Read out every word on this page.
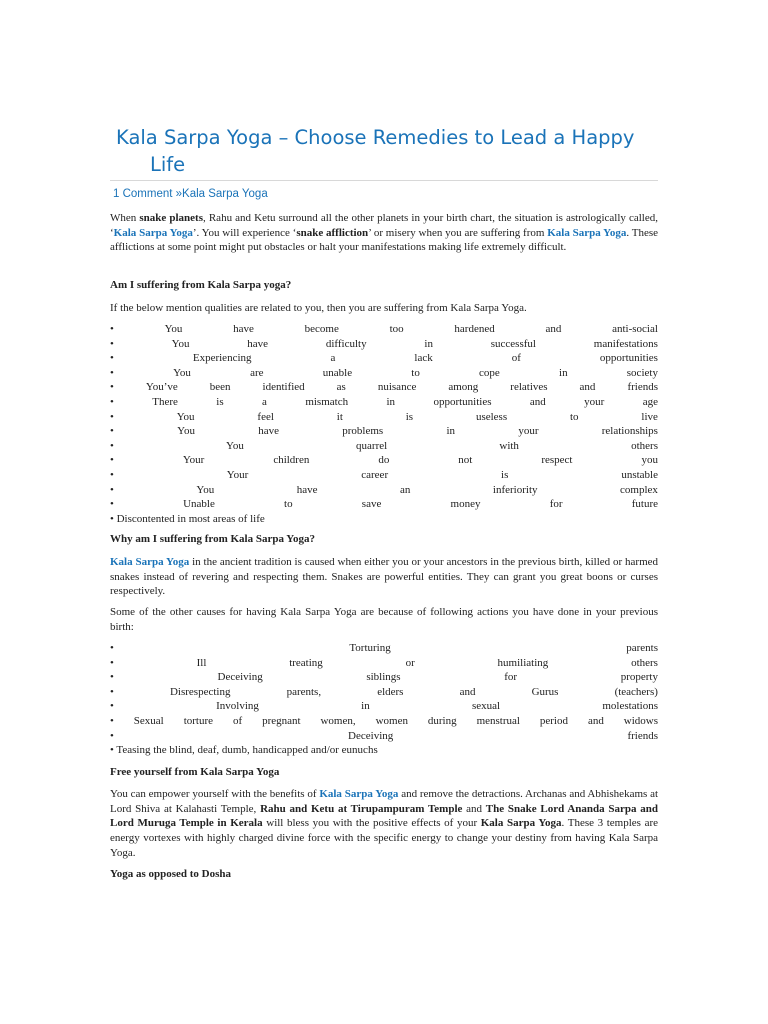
Kala Sarpa Yoga – Choose Remedies to Lead a Happy
Life
1 Comment »Kala Sarpa Yoga

When snake planets, Rahu and Ketu surround all the other planets in your birth chart, the situation is astrologically called, ‘Kala Sarpa Yoga’. You will experience ‘snake affliction’ or misery when you are suffering from Kala Sarpa Yoga. These afflictions at some point might put obstacles or halt your manifestations making life extremely difficult.

Am I suffering from Kala Sarpa yoga?

If the below mention qualities are related to you, then you are suffering from Kala Sarpa Yoga.

•	You	have	become	too	hardened	and	anti-social
•	You	have	difficulty	in	successful	manifestations
•	Experiencing	a	lack	of	opportunities
•	You	are	unable	to	cope	in	society
•	You’ve	been	identified	as	nuisance	among	relatives	and	friends
•	There	is	a	mismatch	in	opportunities	and	your	age
•	You	feel	it	is	useless	to	live
•	You	have	problems	in	your	relationships
•	You	quarrel	with	others
•	Your	children	do	not	respect	you
•	Your	career	is	unstable
•	You	have	an	inferiority	complex
•	Unable	to	save	money	for	future
• Discontented in most areas of life

Why am I suffering from Kala Sarpa Yoga?

Kala Sarpa Yoga in the ancient tradition is caused when either you or your ancestors in the previous birth, killed or harmed snakes instead of revering and respecting them. Snakes are powerful entities. They can grant you great boons or curses respectively.

Some of the other causes for having Kala Sarpa Yoga are because of following actions you have done in your previous birth:

•	Torturing	parents
•	Ill	treating	or	humiliating	others
•	Deceiving	siblings	for	property
•	Disrespecting	parents,	elders	and	Gurus	(teachers)
•	Involving	in	sexual	molestations
• Sexual torture of pregnant women, women during menstrual period and widows
•	Deceiving	friends
• Teasing the blind, deaf, dumb, handicapped and/or eunuchs

Free yourself from Kala Sarpa Yoga

You can empower yourself with the benefits of Kala Sarpa Yoga and remove the detractions. Archanas and Abhishekams at Lord Shiva at Kalahasti Temple, Rahu and Ketu at Tirupampuram Temple and The Snake Lord Ananda Sarpa and Lord Muruga Temple in Kerala will bless you with the positive effects of your Kala Sarpa Yoga. These 3 temples are energy vortexes with highly charged divine force with the specific energy to change your destiny from having Kala Sarpa Yoga.

Yoga as opposed to Dosha
